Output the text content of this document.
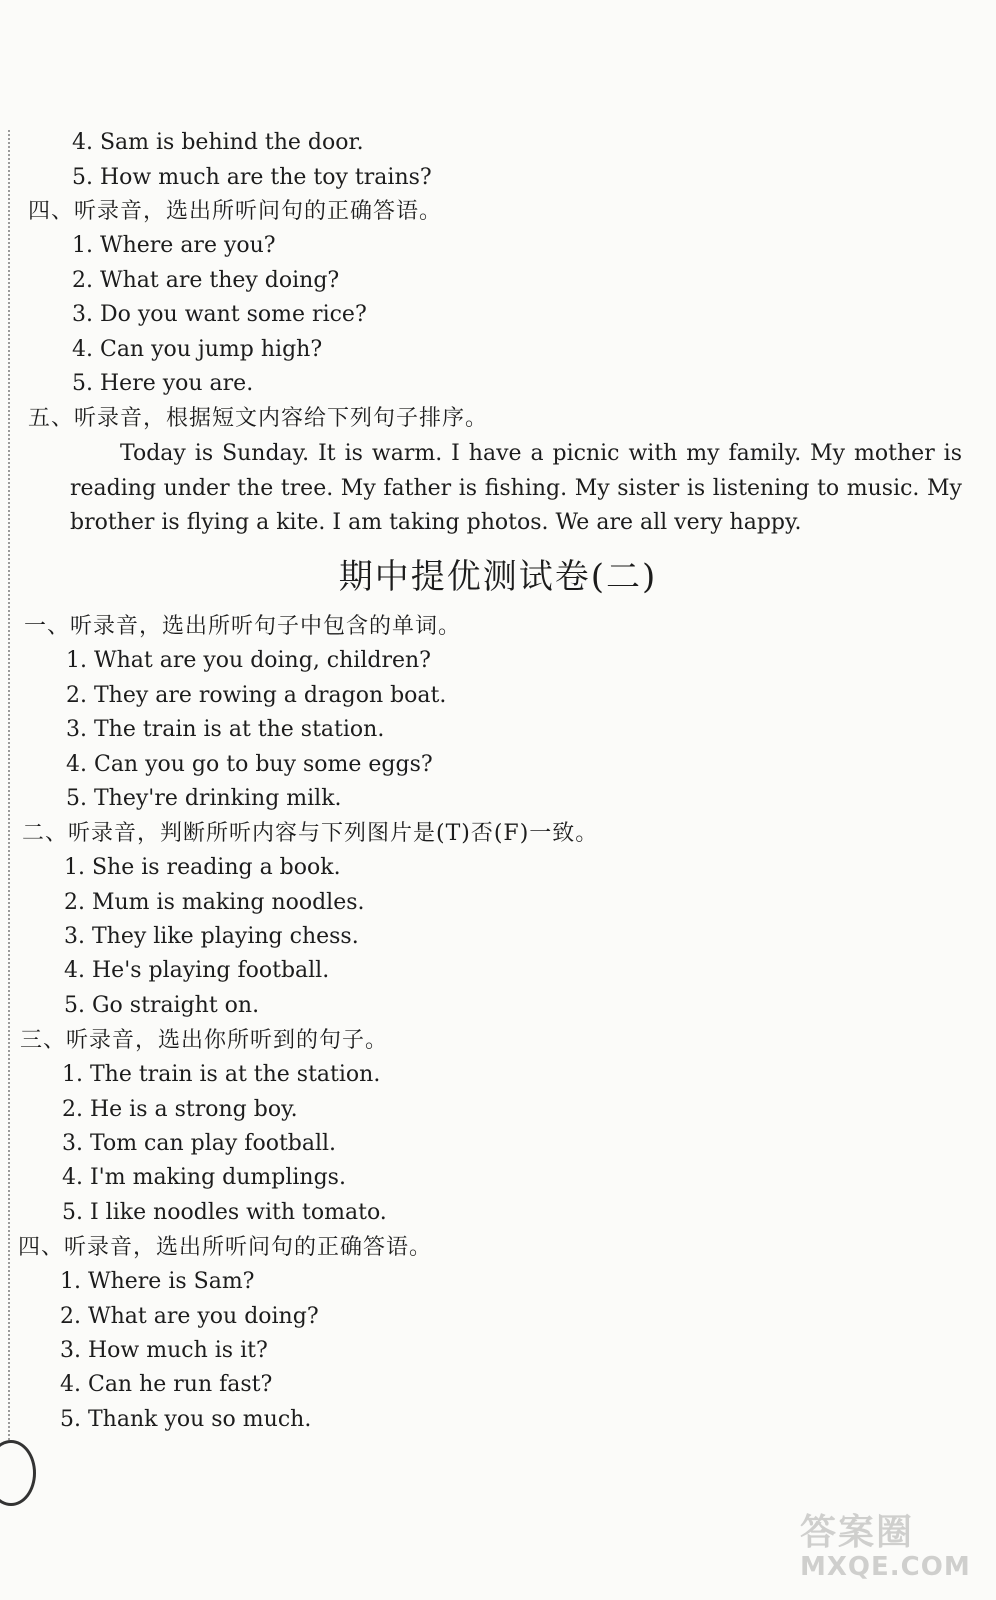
4. Sam is behind the door.
5. How much are the toy trains?
四、听录音，选出所听问句的正确答语。
1. Where are you?
2. What are they doing?
3. Do you want some rice?
4. Can you jump high?
5. Here you are.
五、听录音，根据短文内容给下列句子排序。
Today is Sunday. It is warm. I have a picnic with my family. My mother is reading under the tree. My father is fishing. My sister is listening to music. My brother is flying a kite. I am taking photos. We are all very happy.
期中提优测试卷(二)
一、听录音，选出所听句子中包含的单词。
1. What are you doing, children?
2. They are rowing a dragon boat.
3. The train is at the station.
4. Can you go to buy some eggs?
5. They're drinking milk.
二、听录音，判断所听内容与下列图片是(T)否(F)一致。
1. She is reading a book.
2. Mum is making noodles.
3. They like playing chess.
4. He's playing football.
5. Go straight on.
三、听录音，选出你所听到的句子。
1. The train is at the station.
2. He is a strong boy.
3. Tom can play football.
4. I'm making dumplings.
5. I like noodles with tomato.
四、听录音，选出所听问句的正确答语。
1. Where is Sam?
2. What are you doing?
3. How much is it?
4. Can he run fast?
5. Thank you so much.
答案圈
MXQE.COM
